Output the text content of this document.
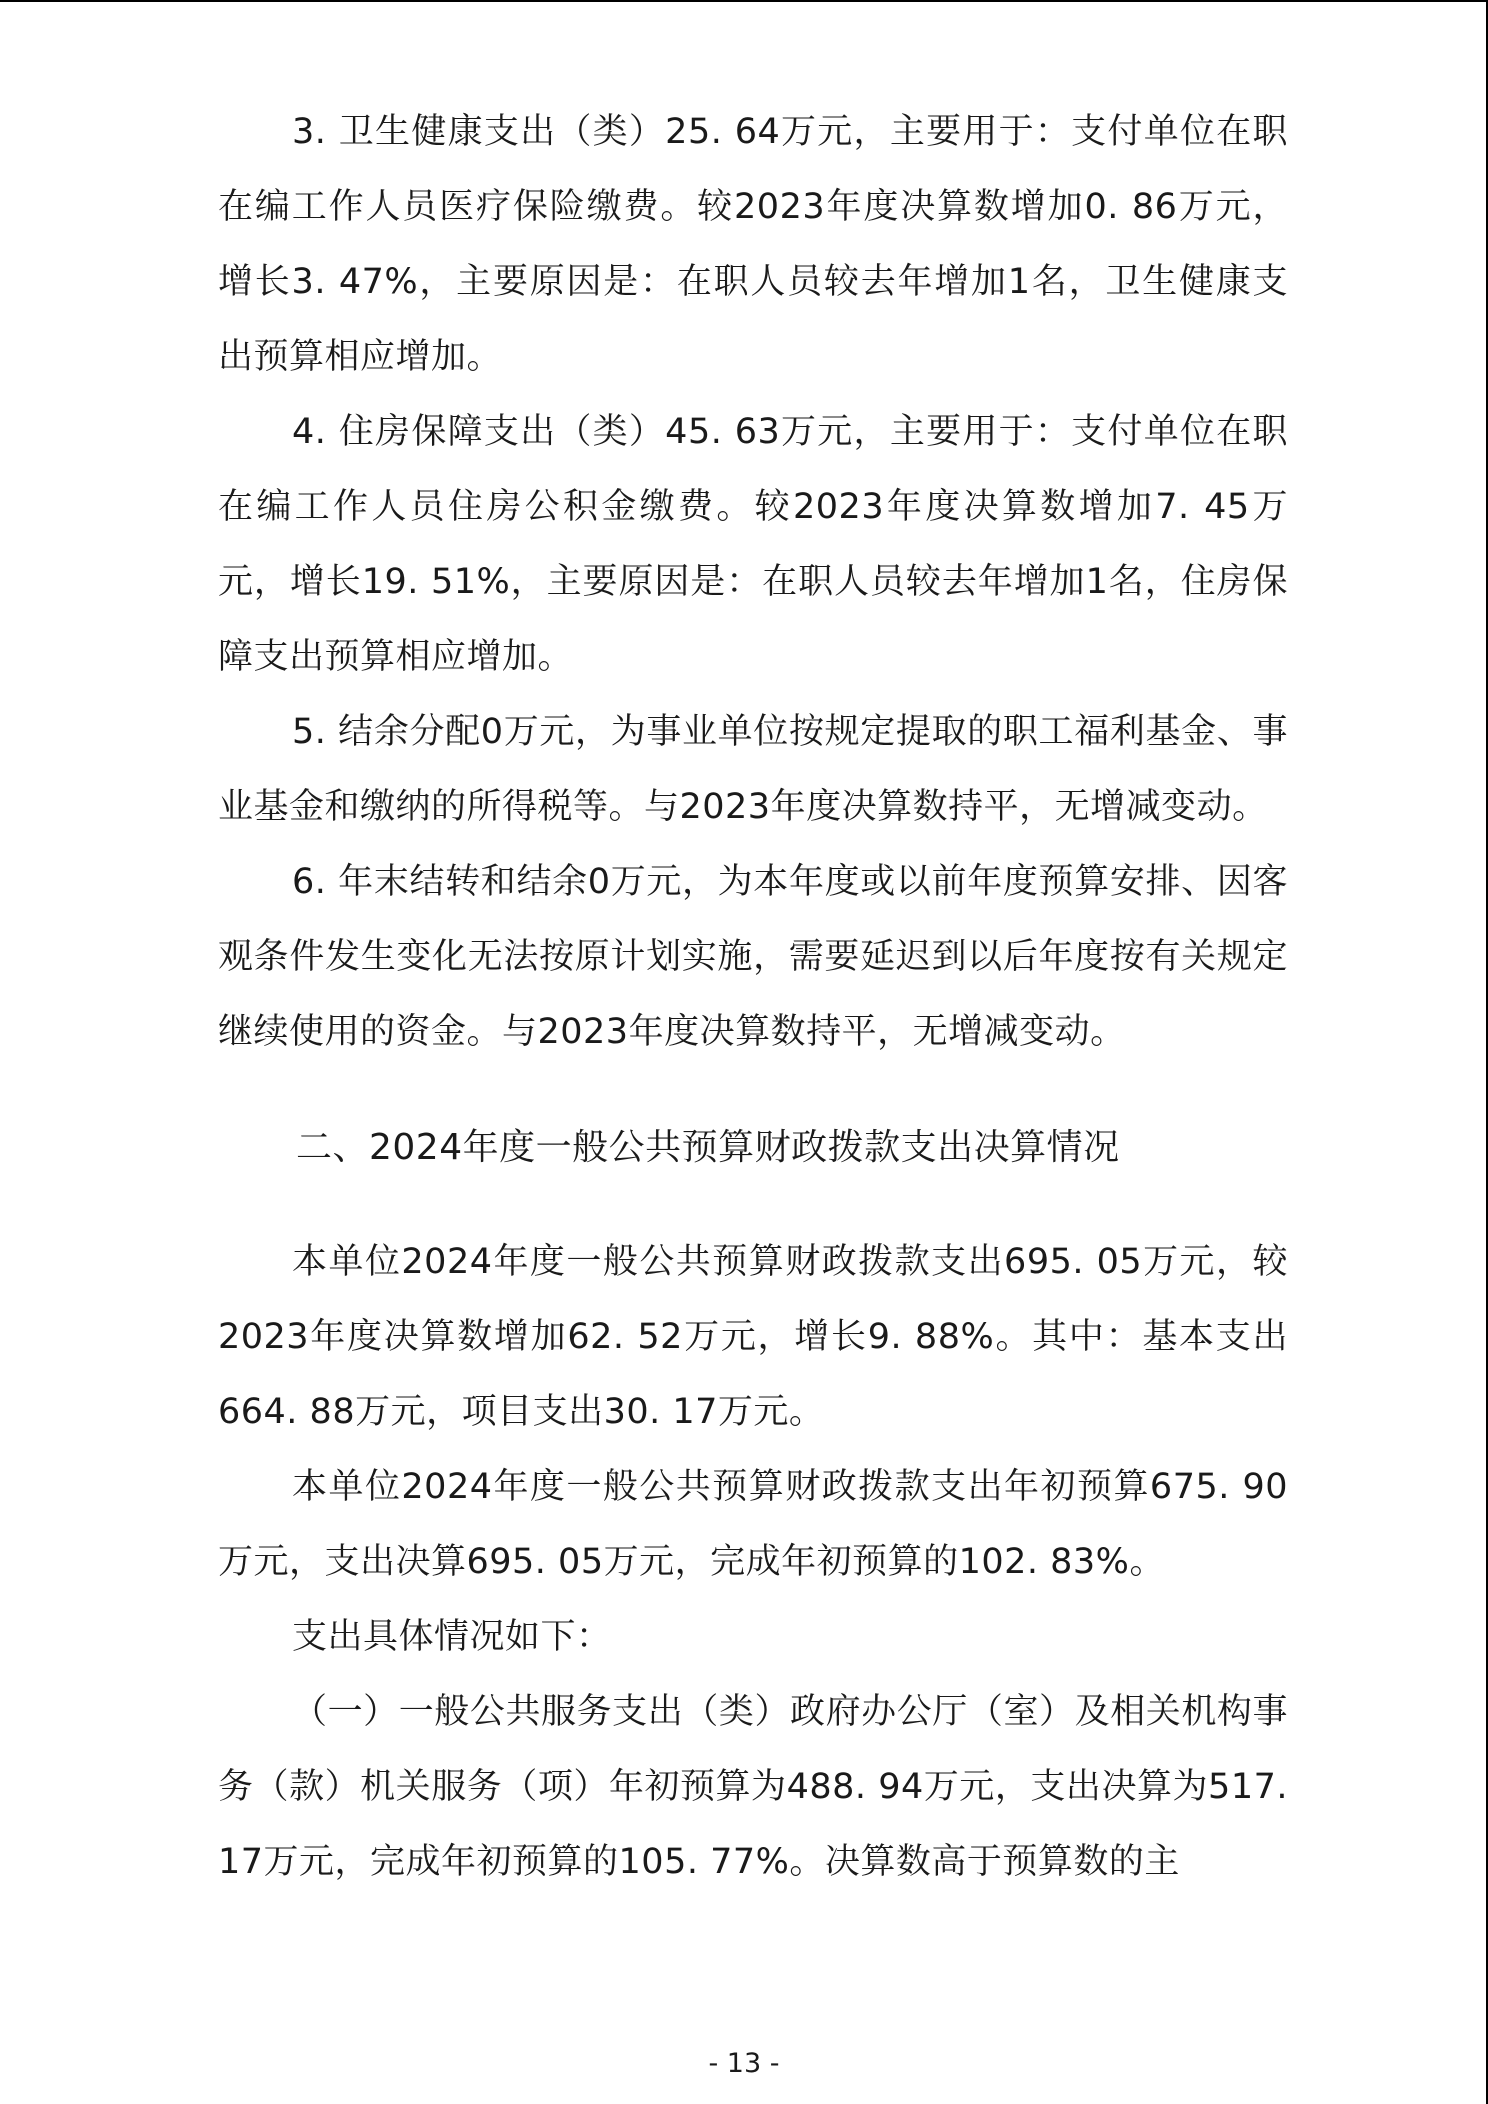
3. 卫生健康支出（类）25. 64万元，主要用于：支付单位在职在编工作人员医疗保险缴费。较2023年度决算数增加0. 86万元，增长3. 47%，主要原因是：在职人员较去年增加1名，卫生健康支出预算相应增加。

4. 住房保障支出（类）45. 63万元，主要用于：支付单位在职在编工作人员住房公积金缴费。较2023年度决算数增加7. 45万元，增长19. 51%，主要原因是：在职人员较去年增加1名，住房保障支出预算相应增加。

5. 结余分配0万元，为事业单位按规定提取的职工福利基金、事业基金和缴纳的所得税等。与2023年度决算数持平，无增减变动。

6. 年末结转和结余0万元，为本年度或以前年度预算安排、因客观条件发生变化无法按原计划实施，需要延迟到以后年度按有关规定继续使用的资金。与2023年度决算数持平，无增减变动。

二、2024年度一般公共预算财政拨款支出决算情况

本单位2024年度一般公共预算财政拨款支出695. 05万元，较2023年度决算数增加62. 52万元，增长9. 88%。其中：基本支出664. 88万元，项目支出30. 17万元。

本单位2024年度一般公共预算财政拨款支出年初预算675. 90万元，支出决算695. 05万元，完成年初预算的102. 83%。

支出具体情况如下：

（一）一般公共服务支出（类）政府办公厅（室）及相关机构事务（款）机关服务（项）年初预算为488. 94万元，支出决算为517. 17万元，完成年初预算的105. 77%。决算数高于预算数的主

- 13 -
